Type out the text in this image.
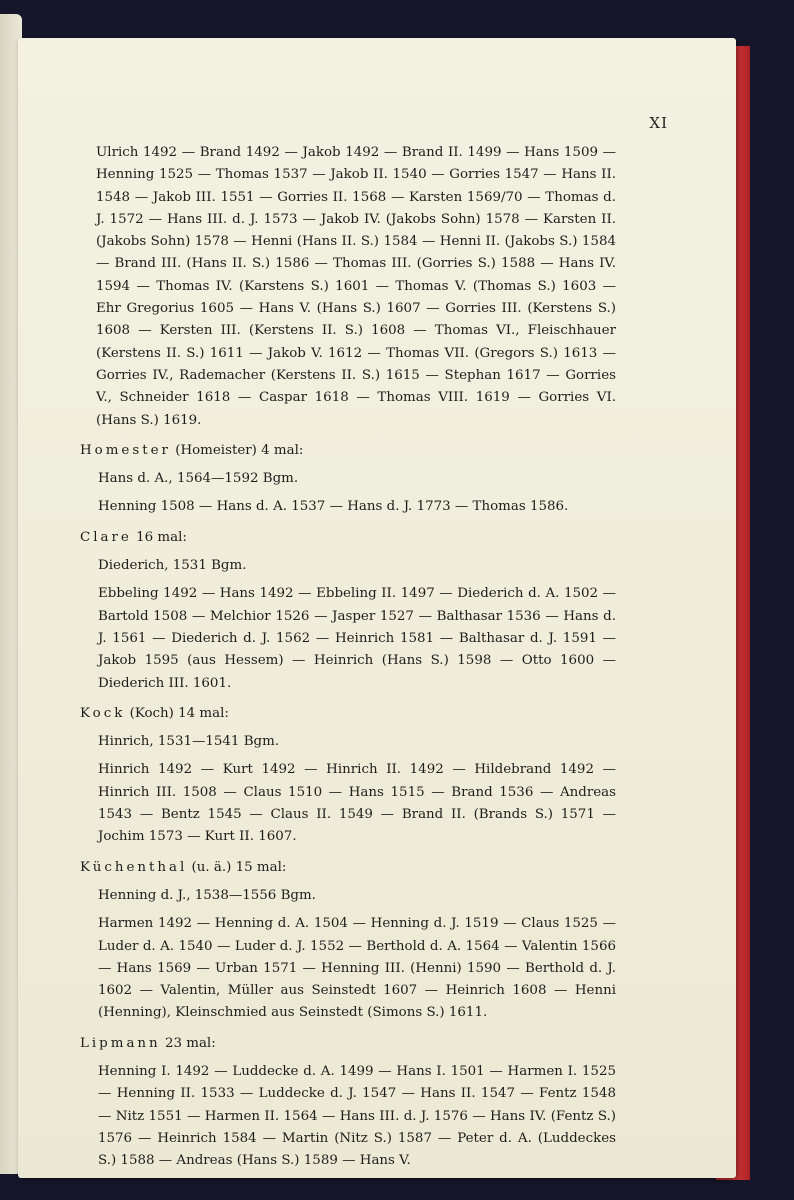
XI

Ulrich 1492 — Brand 1492 — Jakob 1492 — Brand II. 1499 — Hans 1509 — Henning 1525 — Thomas 1537 — Jakob II. 1540 — Gorries 1547 — Hans II. 1548 — Jakob III. 1551 — Gorries II. 1568 — Karsten 1569/70 — Thomas d. J. 1572 — Hans III. d. J. 1573 — Jakob IV. (Jakobs Sohn) 1578 — Karsten II. (Jakobs Sohn) 1578 — Henni (Hans II. S.) 1584 — Henni II. (Jakobs S.) 1584 — Brand III. (Hans II. S.) 1586 — Thomas III. (Gorries S.) 1588 — Hans IV. 1594 — Thomas IV. (Karstens S.) 1601 — Thomas V. (Thomas S.) 1603 — Ehr Gregorius 1605 — Hans V. (Hans S.) 1607 — Gorries III. (Kerstens S.) 1608 — Kersten III. (Kerstens II. S.) 1608 — Thomas VI., Fleischhauer (Kerstens II. S.) 1611 — Jakob V. 1612 — Thomas VII. (Gregors S.) 1613 — Gorries IV., Rademacher (Kerstens II. S.) 1615 — Stephan 1617 — Gorries V., Schneider 1618 — Caspar 1618 — Thomas VIII. 1619 — Gorries VI. (Hans S.) 1619.

Homester (Homeister) 4 mal:

Hans d. A., 1564—1592 Bgm.

Henning 1508 — Hans d. A. 1537 — Hans d. J. 1773 — Thomas 1586.

Clare 16 mal:

Diederich, 1531 Bgm.

Ebbeling 1492 — Hans 1492 — Ebbeling II. 1497 — Diederich d. A. 1502 — Bartold 1508 — Melchior 1526 — Jasper 1527 — Balthasar 1536 — Hans d. J. 1561 — Diederich d. J. 1562 — Heinrich 1581 — Balthasar d. J. 1591 — Jakob 1595 (aus Hessem) — Heinrich (Hans S.) 1598 — Otto 1600 — Diederich III. 1601.

Kock (Koch) 14 mal:

Hinrich, 1531—1541 Bgm.

Hinrich 1492 — Kurt 1492 — Hinrich II. 1492 — Hildebrand 1492 — Hinrich III. 1508 — Claus 1510 — Hans 1515 — Brand 1536 — Andreas 1543 — Bentz 1545 — Claus II. 1549 — Brand II. (Brands S.) 1571 — Jochim 1573 — Kurt II. 1607.

Küchenthal (u. ä.) 15 mal:

Henning d. J., 1538—1556 Bgm.

Harmen 1492 — Henning d. A. 1504 — Henning d. J. 1519 — Claus 1525 — Luder d. A. 1540 — Luder d. J. 1552 — Berthold d. A. 1564 — Valentin 1566 — Hans 1569 — Urban 1571 — Henning III. (Henni) 1590 — Berthold d. J. 1602 — Valentin, Müller aus Seinstedt 1607 — Heinrich 1608 — Henni (Henning), Kleinschmied aus Seinstedt (Simons S.) 1611.

Lipmann 23 mal:

Henning I. 1492 — Luddecke d. A. 1499 — Hans I. 1501 — Harmen I. 1525 — Henning II. 1533 — Luddecke d. J. 1547 — Hans II. 1547 — Fentz 1548 — Nitz 1551 — Harmen II. 1564 — Hans III. d. J. 1576 — Hans IV. (Fentz S.) 1576 — Heinrich 1584 — Martin (Nitz S.) 1587 — Peter d. A. (Luddeckes S.) 1588 — Andreas (Hans S.) 1589 — Hans V.
